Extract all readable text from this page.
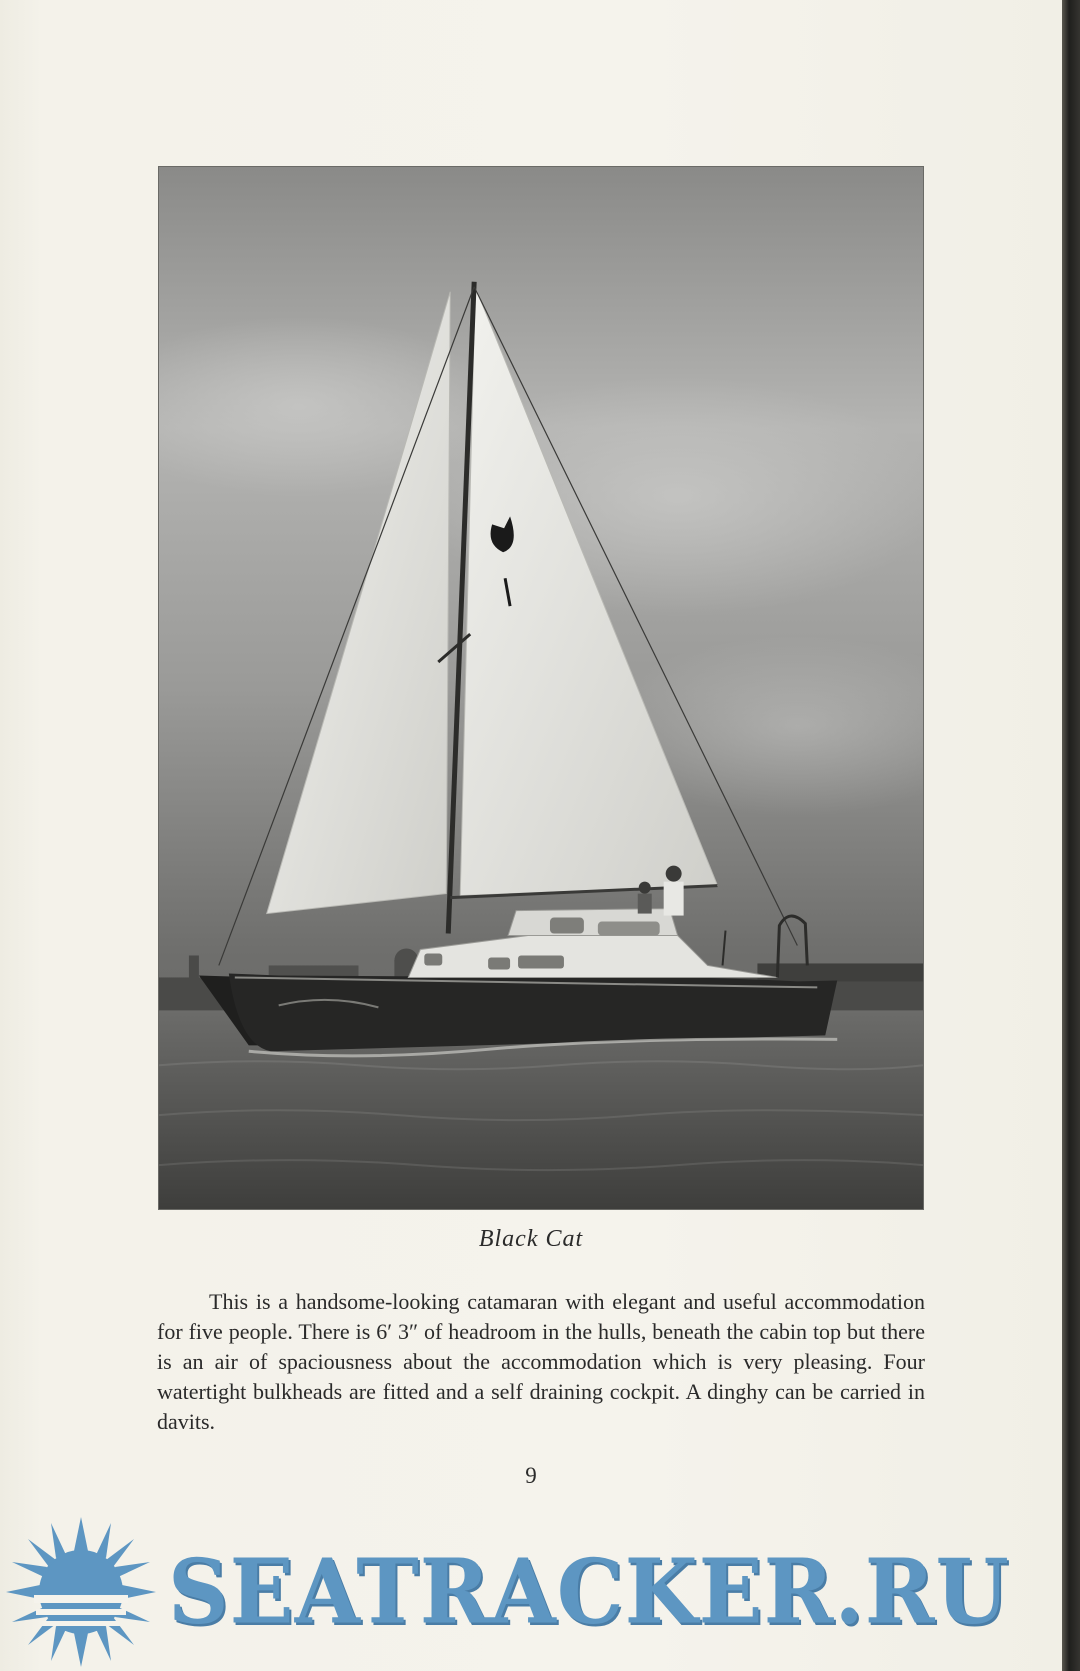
Black Cat

This is a handsome-looking catamaran with elegant and useful accommodation for five people. There is 6′ 3″ of headroom in the hulls, beneath the cabin top but there is an air of spaciousness about the accommodation which is very pleasing. Four watertight bulkheads are fitted and a self draining cockpit. A dinghy can be carried in davits.

9
SEATRACKER.RU
